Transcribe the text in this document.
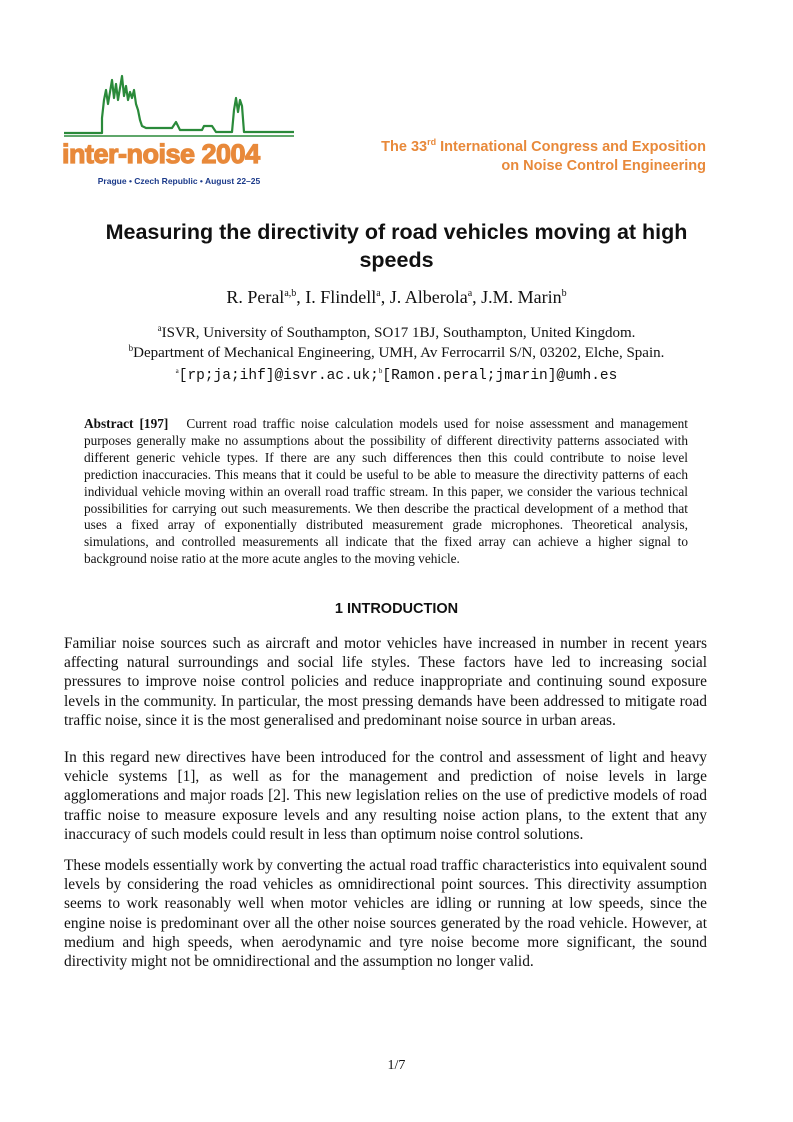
inter-noise 2004
Prague • Czech Republic • August 22–25
The 33rd International Congress and Exposition
on Noise Control Engineering
Measuring the directivity of road vehicles moving at high speeds
R. Peral$^{a,b}$, I. Flindell$^a$, J. Alberola$^a$, J.M. Marin$^b$
$^a$ISVR, University of Southampton, SO17 1BJ, Southampton, United Kingdom.
$^b$Department of Mechanical Engineering, UMH, Av Ferrocarril S/N, 03202, Elche, Spain.
$^a$[rp;ja;ihf]@isvr.ac.uk;$^b$[Ramon.peral;jmarin]@umh.es
Abstract [197] Current road traffic noise calculation models used for noise assessment and management purposes generally make no assumptions about the possibility of different directivity patterns associated with different generic vehicle types. If there are any such differences then this could contribute to noise level prediction inaccuracies. This means that it could be useful to be able to measure the directivity patterns of each individual vehicle moving within an overall road traffic stream. In this paper, we consider the various technical possibilities for carrying out such measurements. We then describe the practical development of a method that uses a fixed array of exponentially distributed measurement grade microphones. Theoretical analysis, simulations, and controlled measurements all indicate that the fixed array can achieve a higher signal to background noise ratio at the more acute angles to the moving vehicle.
1 INTRODUCTION
Familiar noise sources such as aircraft and motor vehicles have increased in number in recent years affecting natural surroundings and social life styles. These factors have led to increasing social pressures to improve noise control policies and reduce inappropriate and continuing sound exposure levels in the community. In particular, the most pressing demands have been addressed to mitigate road traffic noise, since it is the most generalised and predominant noise source in urban areas.
In this regard new directives have been introduced for the control and assessment of light and heavy vehicle systems [1], as well as for the management and prediction of noise levels in large agglomerations and major roads [2]. This new legislation relies on the use of predictive models of road traffic noise to measure exposure levels and any resulting noise action plans, to the extent that any inaccuracy of such models could result in less than optimum noise control solutions.
These models essentially work by converting the actual road traffic characteristics into equivalent sound levels by considering the road vehicles as omnidirectional point sources. This directivity assumption seems to work reasonably well when motor vehicles are idling or running at low speeds, since the engine noise is predominant over all the other noise sources generated by the road vehicle. However, at medium and high speeds, when aerodynamic and tyre noise become more significant, the sound directivity might not be omnidirectional and the assumption no longer valid.
1/7
